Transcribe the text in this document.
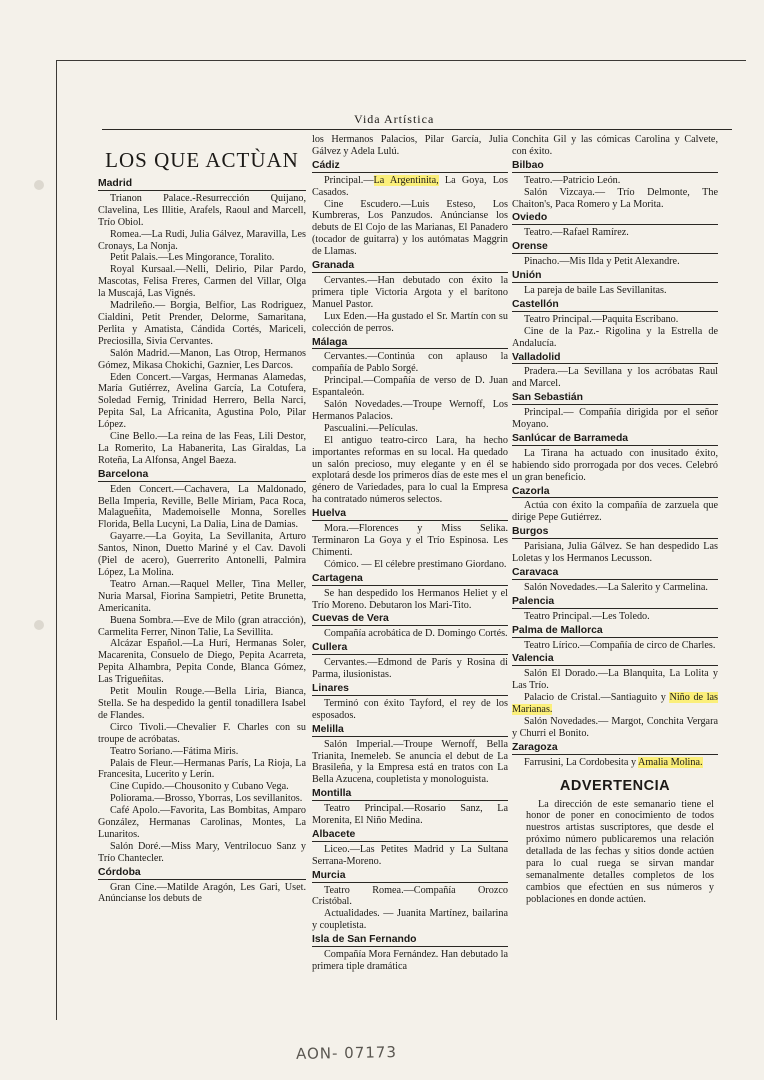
Vida Artística
LOS QUE ACTÙAN
Madrid
Trianon Palace.-Resurrección Quijano, Clavelina, Les Illitie, Arafels, Raoul and Marcell, Trío Obiol.
Romea.—La Rudi, Julia Gálvez, Maravilla, Les Cronays, La Nonja.
Petit Palais.—Les Mingorance, Toralito.
Royal Kursaal.—Nelli, Delirio, Pilar Pardo, Mascotas, Felisa Freres, Carmen del Villar, Olga la Muscajá, Las Vignés.
Madrileño.— Borgia, Belfior, Las Rodriguez, Cialdini, Petit Prender, Delorme, Samaritana, Perlita y Amatista, Cándida Cortés, Mariceli, Preciosilla, Sivia Cervantes.
Salón Madrid.—Manon, Las Otrop, Hermanos Gómez, Mikasa Chokichi, Gaznier, Les Darcos.
Eden Concert.—Vargas, Hermanas Alamedas, María Gutiérrez, Avelina García, La Cotufera, Soledad Fernig, Trinidad Herrero, Bella Narci, Pepita Sal, La Africanita, Agustina Polo, Pilar López.
Cine Bello.—La reina de las Feas, Lili Destor, La Romerito, La Habanerita, Las Giraldas, La Roteña, La Alfonsa, Angel Baeza.
Barcelona
Eden Concert.—Cachavera, La Maldonado, Bella Imperia, Reville, Belle Miriam, Paca Roca, Malagueñita, Mademoiselle Monna, Sorelles Florida, Bella Lucyni, La Dalia, Lina de Damias.
Gayarre.—La Goyita, La Sevillanita, Arturo Santos, Ninon, Duetto Mariné y el Cav. Davoli (Piel de acero), Guerrerito Antonelli, Palmira López, La Molina.
Teatro Arnan.—Raquel Meller, Tina Meller, Nuria Marsal, Fiorina Sampietri, Petite Brunetta, Americanita.
Buena Sombra.—Eve de Milo (gran atracción), Carmelita Ferrer, Ninon Talie, La Sevillita.
Alcázar Español.—La Hurí, Hermanas Soler, Macarenita, Consuelo de Diego, Pepita Acarreta, Pepita Alhambra, Pepita Conde, Blanca Gómez, Las Trigueñitas.
Petit Moulin Rouge.—Bella Liria, Bianca, Stella. Se ha despedido la gentil tonadillera Isabel de Flandes.
Circo Tivoli.—Chevalier F. Charles con su troupe de acróbatas.
Teatro Soriano.—Fátima Miris.
Palais de Fleur.—Hermanas París, La Rioja, La Francesita, Lucerito y Lerín.
Cine Cupido.—Chousonito y Cubano Vega.
Poliorama.—Brosso, Yborras, Los sevillanitos.
Café Apolo.—Favorita, Las Bombitas, Amparo González, Hermanas Carolinas, Montes, La Lunaritos.
Salón Doré.—Miss Mary, Ventrilocuo Sanz y Trío Chantecler.
Córdoba
Gran Cine.—Matilde Aragón, Les Gari, Uset. Anúncianse los debuts de
los Hermanos Palacios, Pilar García, Julia Gálvez y Adela Lulú.
Cádiz
Principal.—La Argentinita, La Goya, Los Casados.
Cine Escudero.—Luis Esteso, Los Kumbreras, Los Panzudos. Anúncianse los debuts de El Cojo de las Marianas, El Panadero (tocador de guitarra) y los autómatas Maggrin de Llamas.
Granada
Cervantes.—Han debutado con éxito la primera tiple Victoria Argota y el barítono Manuel Pastor.
Lux Eden.—Ha gustado el Sr. Martín con su colección de perros.
Málaga
Cervantes.—Continúa con aplauso la compañía de Pablo Sorgé.
Principal.—Compañía de verso de D. Juan Espantaleón.
Salón Novedades.—Troupe Wernoff, Los Hermanos Palacios.
Pascualini.—Películas.
El antiguo teatro-circo Lara, ha hecho importantes reformas en su local. Ha quedado un salón precioso, muy elegante y en él se explotará desde los primeros días de este mes el género de Variedades, para lo cual la Empresa ha contratado números selectos.
Huelva
Mora.—Florences y Miss Selika. Terminaron La Goya y el Trío Espinosa. Les Chimenti.
Cómico. — El célebre prestimano Giordano.
Cartagena
Se han despedido los Hermanos Heliet y el Trío Moreno. Debutaron los Mari-Tito.
Cuevas de Vera
Compañía acrobática de D. Domingo Cortés.
Cullera
Cervantes.—Edmond de París y Rosina di Parma, ilusionistas.
Linares
Terminó con éxito Tayford, el rey de los esposados.
Melilla
Salón Imperial.—Troupe Wernoff, Bella Trianita, Inemeleb. Se anuncia el debut de La Brasileña, y la Empresa está en tratos con La Bella Azucena, coupletista y monologuista.
Montilla
Teatro Principal.—Rosario Sanz, La Morenita, El Niño Medina.
Albacete
Liceo.—Las Petites Madrid y La Sultana Serrana-Moreno.
Murcia
Teatro Romea.—Compañía Orozco Cristóbal.
Actualidades. — Juanita Martínez, bailarina y coupletista.
Isla de San Fernando
Compañía Mora Fernández. Han debutado la primera tiple dramática
Conchita Gil y las cómicas Carolina y Calvete, con éxito.
Bilbao
Teatro.—Patricio León.
Salón Vizcaya.— Trío Delmonte, The Chaiton's, Paca Romero y La Morita.
Oviedo
Teatro.—Rafael Ramírez.
Orense
Pinacho.—Mis Ilda y Petit Alexandre.
Unión
La pareja de baile Las Sevillanitas.
Castellón
Teatro Principal.—Paquita Escribano.
Cine de la Paz.- Rigolina y la Estrella de Andalucía.
Valladolid
Pradera.—La Sevillana y los acróbatas Raul and Marcel.
San Sebastián
Principal.— Compañía dirigida por el señor Moyano.
Sanlúcar de Barrameda
La Tirana ha actuado con inusitado éxito, habiendo sido prorrogada por dos veces. Celebró un gran beneficio.
Cazorla
Actúa con éxito la compañía de zarzuela que dirige Pepe Gutiérrez.
Burgos
Parisiana, Julia Gálvez. Se han despedido Las Loletas y los Hermanos Lecusson.
Caravaca
Salón Novedades.—La Salerito y Carmelina.
Palencia
Teatro Principal.—Les Toledo.
Palma de Mallorca
Teatro Lírico.—Compañía de circo de Charles.
Valencia
Salón El Dorado.—La Blanquita, La Lolita y Las Trío.
Palacio de Cristal.—Santiaguito y Niño de las Marianas.
Salón Novedades.— Margot, Conchita Vergara y Churri el Bonito.
Zaragoza
Farrusini, La Cordobesita y Amalia Molina.
ADVERTENCIA
La dirección de este semanario tiene el honor de poner en conocimiento de todos nuestros artistas suscriptores, que desde el próximo número publicaremos una relación detallada de las fechas y sitios donde actúen para lo cual ruega se sirvan mandar semanalmente detalles completos de los cambios que efectúen en sus números y poblaciones en donde actúen.
AON- 07173
